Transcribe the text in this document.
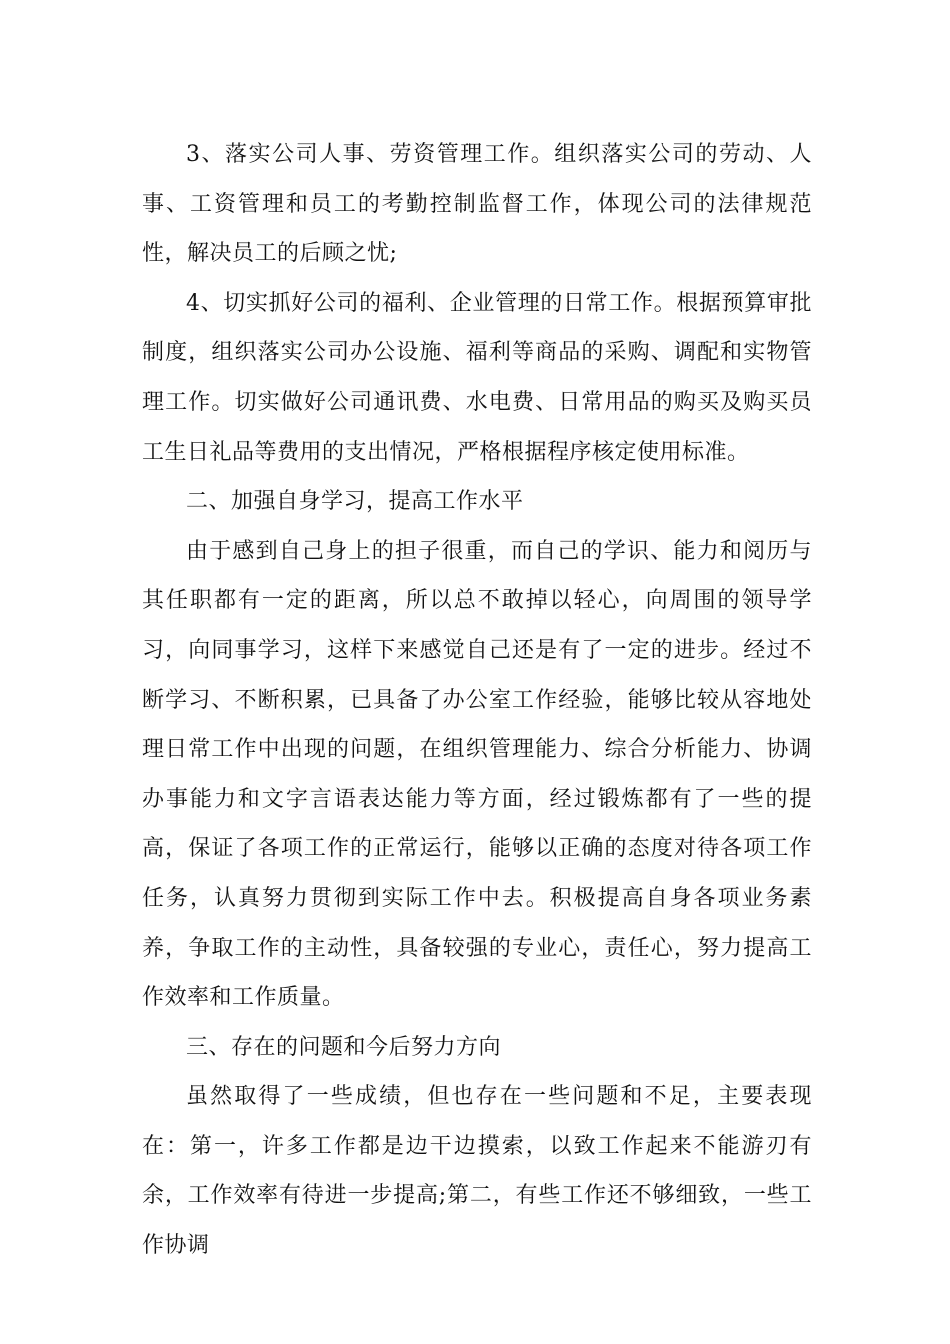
3、落实公司人事、劳资管理工作。组织落实公司的劳动、人事、工资管理和员工的考勤控制监督工作，体现公司的法律规范性，解决员工的后顾之忧;

4、切实抓好公司的福利、企业管理的日常工作。根据预算审批制度，组织落实公司办公设施、福利等商品的采购、调配和实物管理工作。切实做好公司通讯费、水电费、日常用品的购买及购买员工生日礼品等费用的支出情况，严格根据程序核定使用标准。

二、加强自身学习，提高工作水平

由于感到自己身上的担子很重，而自己的学识、能力和阅历与其任职都有一定的距离，所以总不敢掉以轻心，向周围的领导学习，向同事学习，这样下来感觉自己还是有了一定的进步。经过不断学习、不断积累，已具备了办公室工作经验，能够比较从容地处理日常工作中出现的问题，在组织管理能力、综合分析能力、协调办事能力和文字言语表达能力等方面，经过锻炼都有了一些的提高，保证了各项工作的正常运行，能够以正确的态度对待各项工作任务，认真努力贯彻到实际工作中去。积极提高自身各项业务素养，争取工作的主动性，具备较强的专业心，责任心，努力提高工作效率和工作质量。

三、存在的问题和今后努力方向

虽然取得了一些成绩，但也存在一些问题和不足，主要表现在：第一，许多工作都是边干边摸索，以致工作起来不能游刃有余，工作效率有待进一步提高;第二，有些工作还不够细致，一些工作协调
